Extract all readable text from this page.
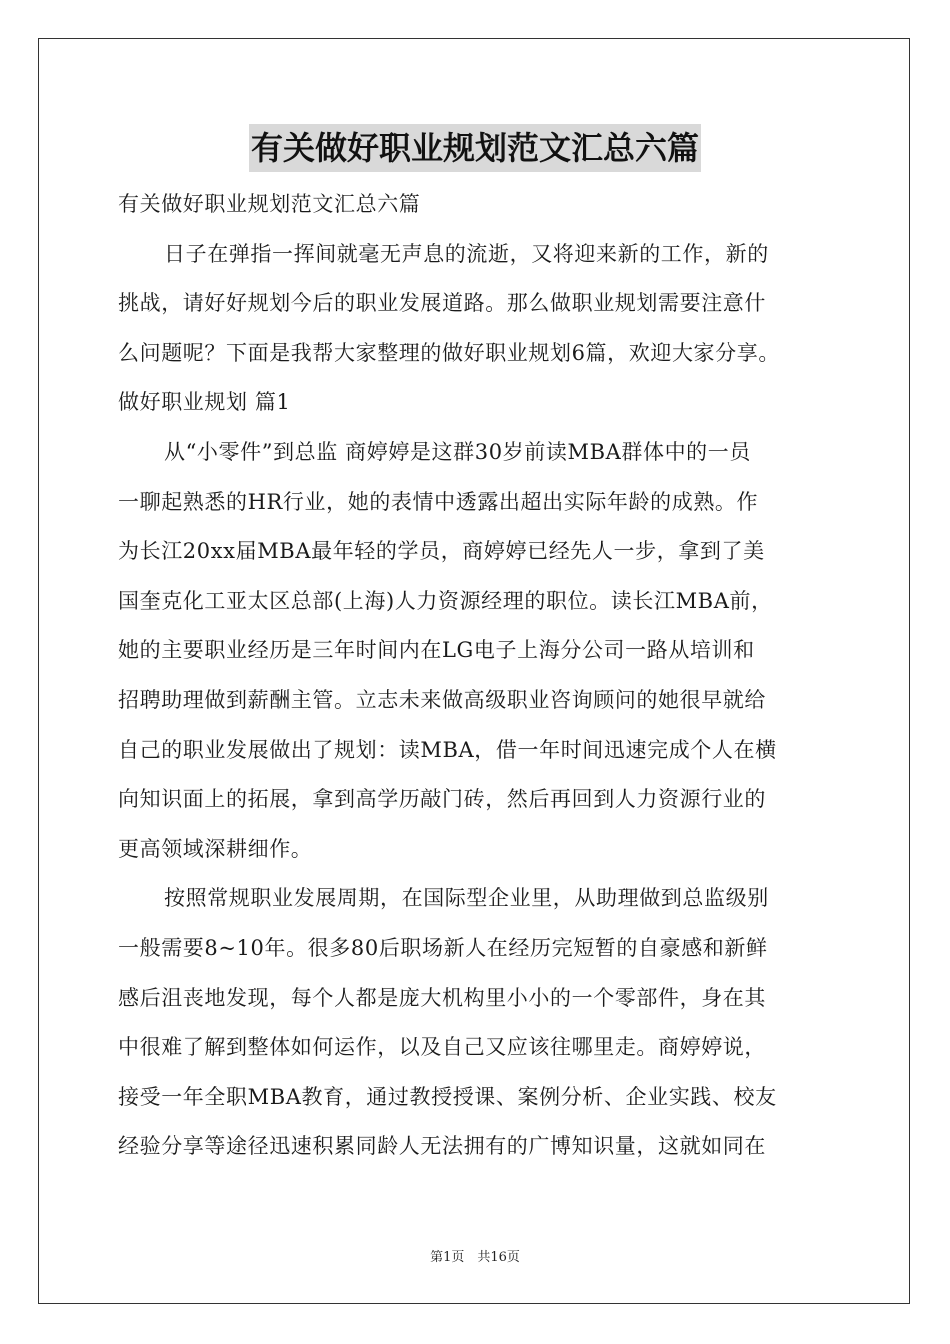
有关做好职业规划范文汇总六篇
有关做好职业规划范文汇总六篇
日子在弹指一挥间就毫无声息的流逝，又将迎来新的工作，新的
挑战，请好好规划今后的职业发展道路。那么做职业规划需要注意什
么问题呢？下面是我帮大家整理的做好职业规划6篇，欢迎大家分享。
做好职业规划 篇1
从“小零件”到总监 商婷婷是这群30岁前读MBA群体中的一员
一聊起熟悉的HR行业，她的表情中透露出超出实际年龄的成熟。作
为长江20xx届MBA最年轻的学员，商婷婷已经先人一步，拿到了美
国奎克化工亚太区总部(上海)人力资源经理的职位。读长江MBA前，
她的主要职业经历是三年时间内在LG电子上海分公司一路从培训和
招聘助理做到薪酬主管。立志未来做高级职业咨询顾问的她很早就给
自己的职业发展做出了规划：读MBA，借一年时间迅速完成个人在横
向知识面上的拓展，拿到高学历敲门砖，然后再回到人力资源行业的
更高领域深耕细作。
按照常规职业发展周期，在国际型企业里，从助理做到总监级别
一般需要8~10年。很多80后职场新人在经历完短暂的自豪感和新鲜
感后沮丧地发现，每个人都是庞大机构里小小的一个零部件，身在其
中很难了解到整体如何运作，以及自己又应该往哪里走。商婷婷说，
接受一年全职MBA教育，通过教授授课、案例分析、企业实践、校友
经验分享等途径迅速积累同龄人无法拥有的广博知识量，这就如同在
第1页　共16页
